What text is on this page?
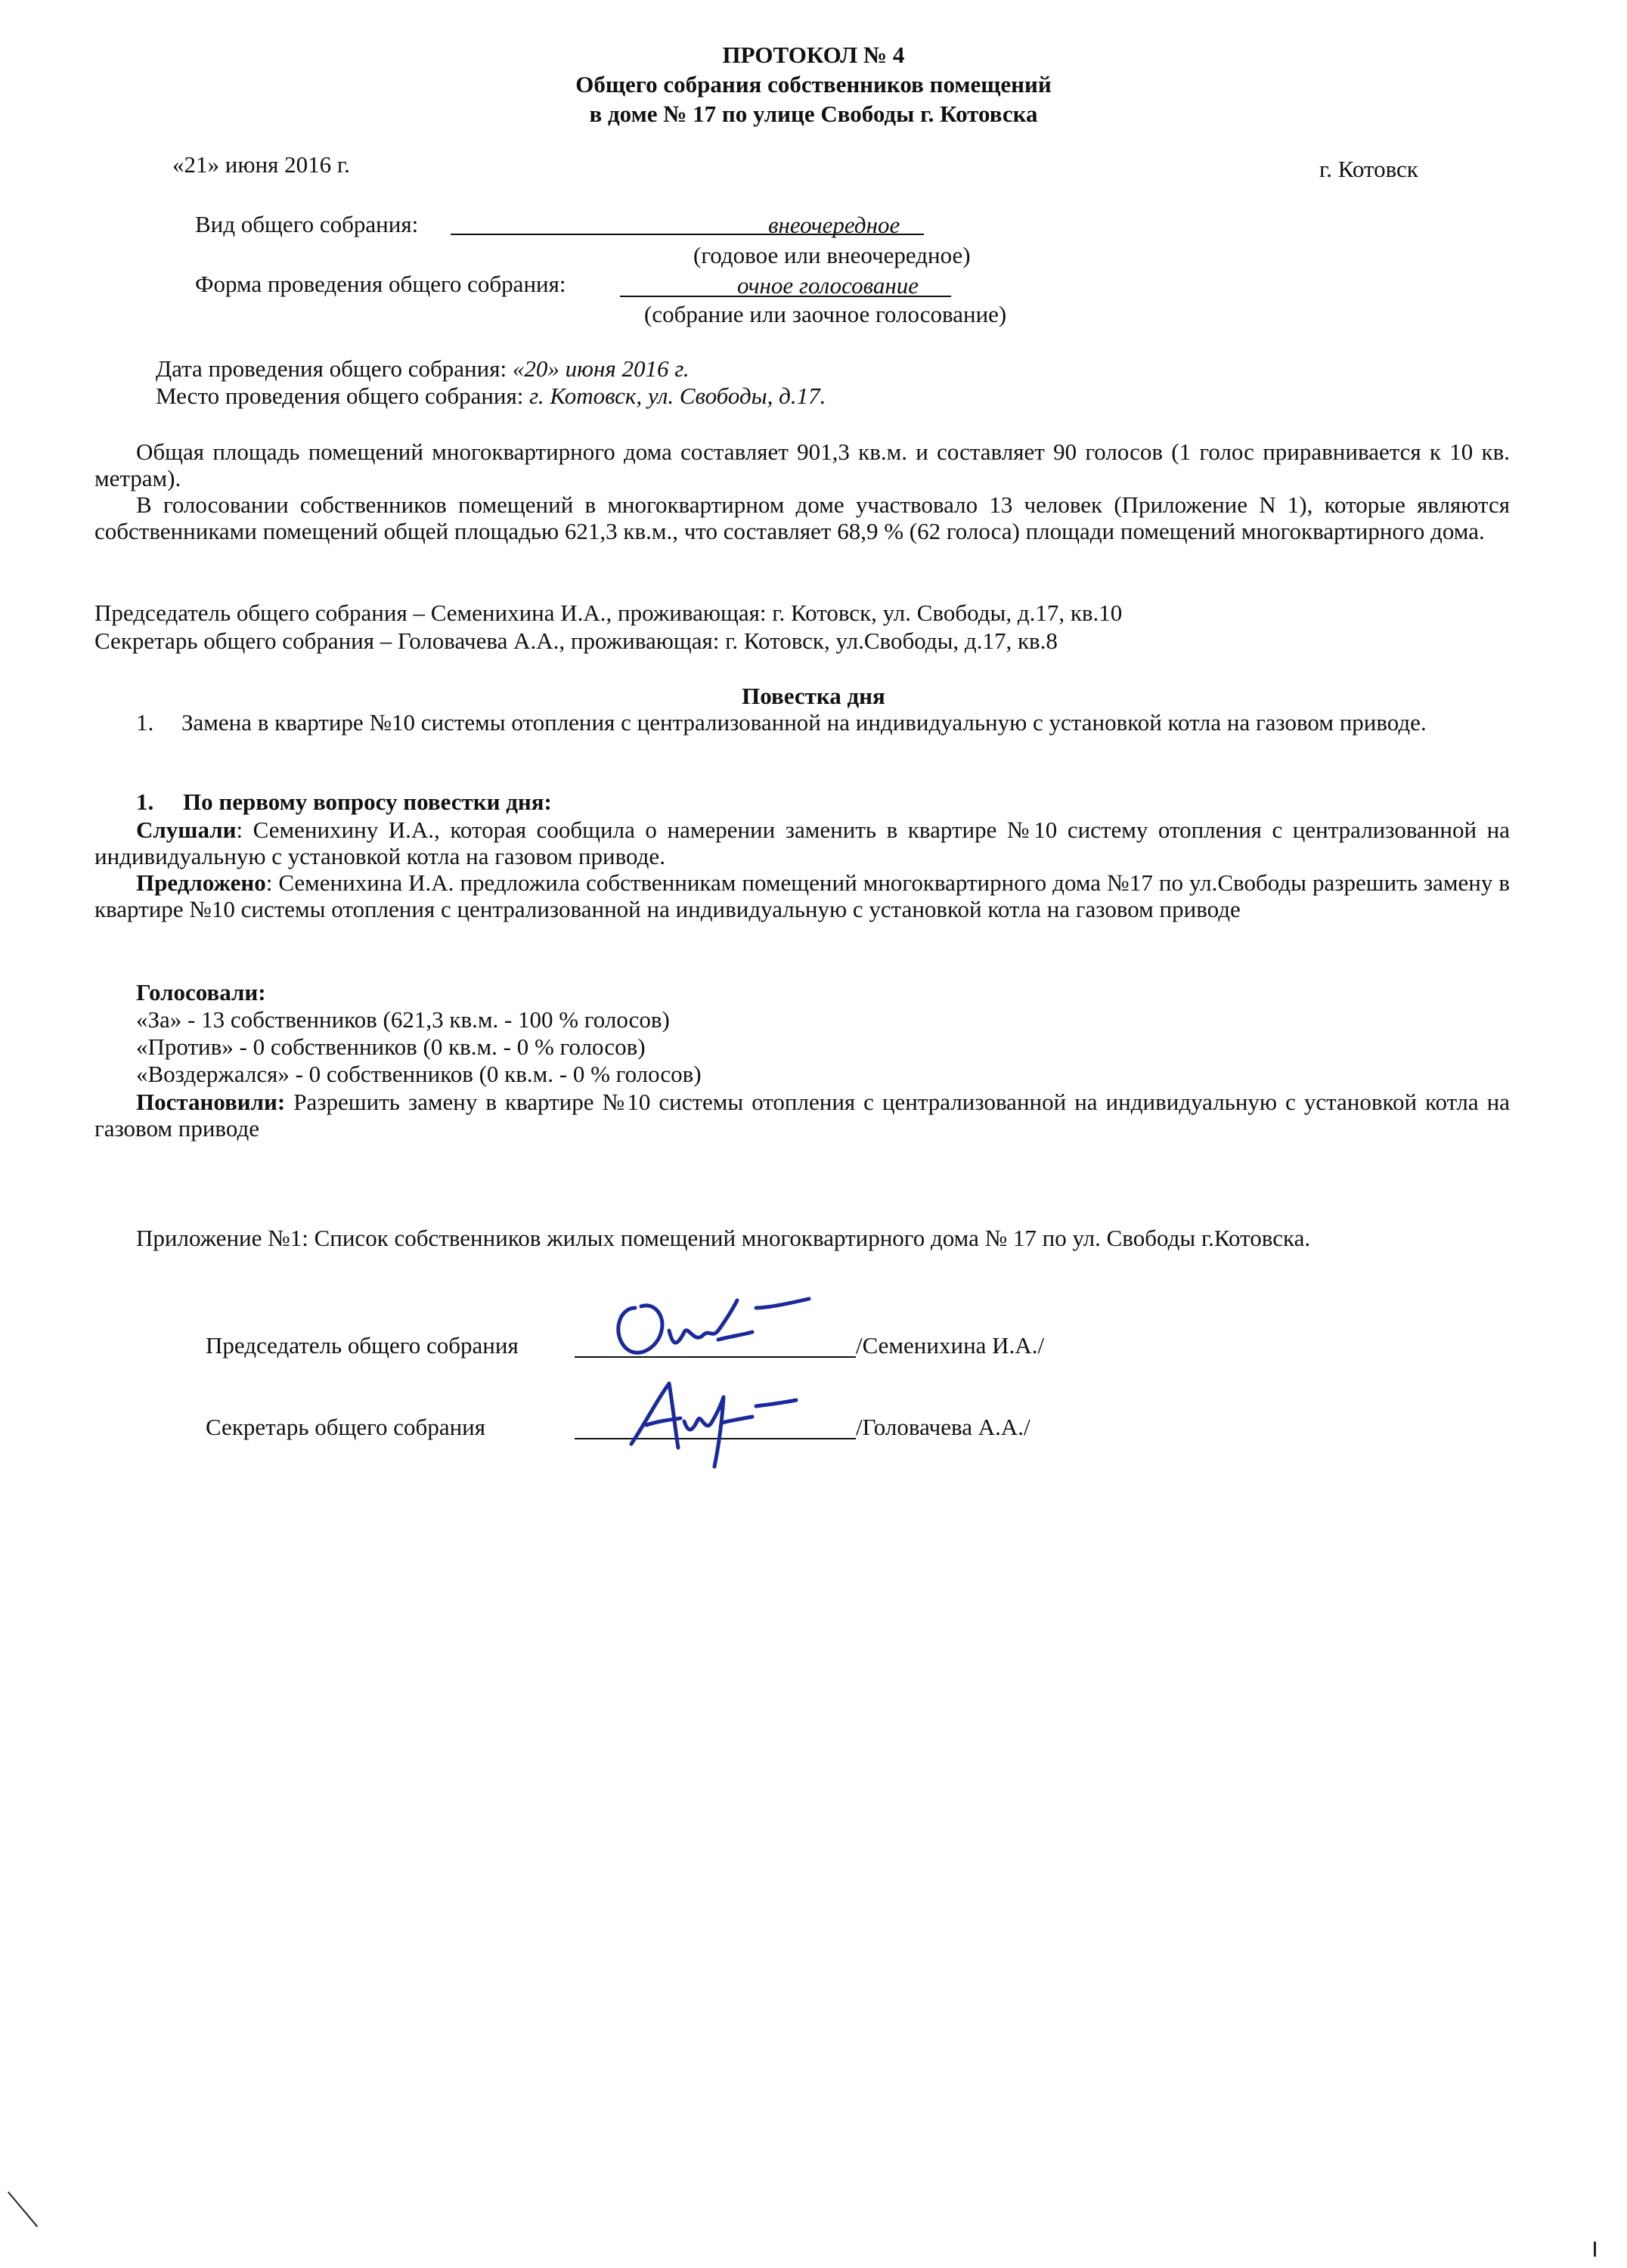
ПРОТОКОЛ № 4
Общего собрания собственников помещений
в доме № 17 по улице Свободы г. Котовска
«21» июня 2016 г.	г. Котовск
Вид общего собрания:	внеочередное
(годовое или внеочередное)
Форма проведения общего собрания:	очное голосование
(собрание или заочное голосование)
Дата проведения общего собрания: «20» июня 2016 г.
Место проведения общего собрания: г. Котовск, ул. Свободы, д.17.
Общая площадь помещений многоквартирного дома составляет 901,3 кв.м. и составляет 90 голосов (1 голос приравнивается к 10 кв. метрам).
В голосовании собственников помещений в многоквартирном доме участвовало 13 человек (Приложение N 1), которые являются собственниками помещений общей площадью 621,3 кв.м., что составляет 68,9 % (62 голоса) площади помещений многоквартирного дома.
Председатель общего собрания – Семенихина И.А., проживающая: г. Котовск, ул. Свободы, д.17, кв.10
Секретарь общего собрания – Головачева А.А., проживающая: г. Котовск, ул.Свободы, д.17, кв.8
Повестка дня
1. Замена в квартире №10 системы отопления с централизованной на индивидуальную с установкой котла на газовом приводе.
1. По первому вопросу повестки дня:
Слушали: Семенихину И.А., которая сообщила о намерении заменить в квартире №10 систему отопления с централизованной на индивидуальную с установкой котла на газовом приводе.
Предложено: Семенихина И.А. предложила собственникам помещений многоквартирного дома №17 по ул.Свободы разрешить замену в квартире №10 системы отопления с централизованной на индивидуальную с установкой котла на газовом приводе
Голосовали:
«За» - 13 собственников (621,3 кв.м. - 100 % голосов)
«Против» - 0 собственников (0 кв.м. - 0 % голосов)
«Воздержался» - 0 собственников (0 кв.м. - 0 % голосов)
Постановили: Разрешить замену в квартире №10 системы отопления с централизованной на индивидуальную с установкой котла на газовом приводе
Приложение №1: Список собственников жилых помещений многоквартирного дома № 17 по ул. Свободы г.Котовска.
Председатель общего собрания	/Семенихина И.А./
Секретарь общего собрания	/Головачева А.А./
